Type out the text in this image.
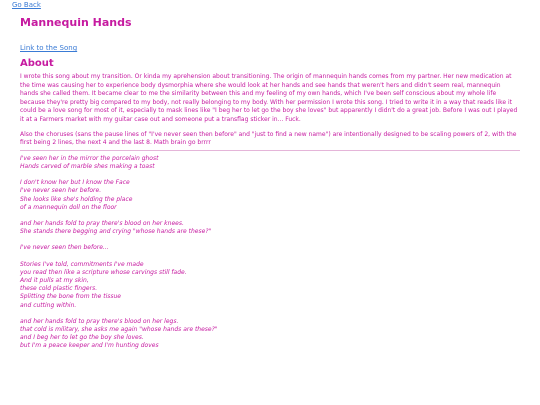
Go Back
Mannequin Hands
Link to the Song
About

I wrote this song about my transition. Or kinda my aprehension about transitioning. The origin of mannequin hands comes from my partner. Her new medication at the time was causing her to experience body dysmorphia where she would look at her hands and see hands that weren't hers and didn't seem real, mannequin hands she called them. It became clear to me the similarity between this and my feeling of my own hands, which I've been self conscious about my whole life because they're pretty big compared to my body, not really belonging to my body. With her permission I wrote this song. I tried to write it in a way that reads like it could be a love song for most of it, especially to mask lines like "I beg her to let go the boy she loves" but apparently I didn't do a great job. Before I was out I played it at a Farmers market with my guitar case out and someone put a transflag sticker in... Fuck.

Also the choruses (sans the pause lines of "I've never seen then before" and "just to find a new name") are intentionally designed to be scaling powers of 2, with the first being 2 lines, the next 4 and the last 8. Math brain go brrrr

I've seen her in the mirror the porcelain ghost
Hands carved of marble shes making a toast
I don't know her but I know the Face
I've never seen her before.
She looks like she's holding the place
of a mannequin doll on the floor
and her hands fold to pray there's blood on her knees.
She stands there begging and crying "whose hands are these?"
I've never seen then before...
Stories I've told, commitments I've made
you read then like a scripture whose carvings still fade.
And it pulls at my skin,
these cold plastic fingers.
Splitting the bone from the tissue
and cutting within.
and her hands fold to pray there's blood on her legs.
that cold is military, she asks me again "whose hands are these?"
and I beg her to let go the boy she loves.
but I'm a peace keeper and I'm hunting doves
